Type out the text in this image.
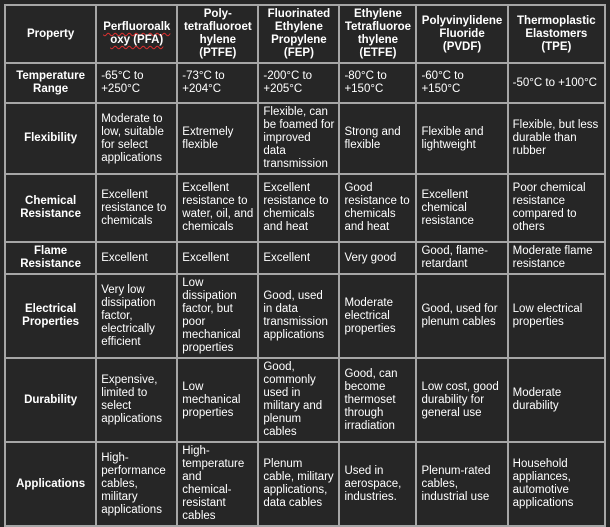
Property	Perfluoroalkoxy (PFA)	Poly-tetrafluoroethylene (PTFE)	Fluorinated Ethylene Propylene (FEP)	Ethylene Tetrafluoroethylene (ETFE)	Polyvinylidene Fluoride (PVDF)	Thermoplastic Elastomers (TPE)
Temperature Range	-65°C to +250°C	-73°C to +204°C	-200°C to +205°C	-80°C to +150°C	-60°C to +150°C	-50°C to +100°C
Flexibility	Moderate to low, suitable for select applications	Extremely flexible	Flexible, can be foamed for improved data transmission	Strong and flexible	Flexible and lightweight	Flexible, but less durable than rubber
Chemical Resistance	Excellent resistance to chemicals	Excellent resistance to water, oil, and chemicals	Excellent resistance to chemicals and heat	Good resistance to chemicals and heat	Excellent chemical resistance	Poor chemical resistance compared to others
Flame Resistance	Excellent	Excellent	Excellent	Very good	Good, flame-retardant	Moderate flame resistance
Electrical Properties	Very low dissipation factor, electrically efficient	Low dissipation factor, but poor mechanical properties	Good, used in data transmission applications	Moderate electrical properties	Good, used for plenum cables	Low electrical properties
Durability	Expensive, limited to select applications	Low mechanical properties	Good, commonly used in military and plenum cables	Good, can become thermoset through irradiation	Low cost, good durability for general use	Moderate durability
Applications	High-performance cables, military applications	High-temperature and chemical-resistant cables	Plenum cable, military applications, data cables	Used in aerospace, industries.	Plenum-rated cables, industrial use	Household appliances, automotive applications
